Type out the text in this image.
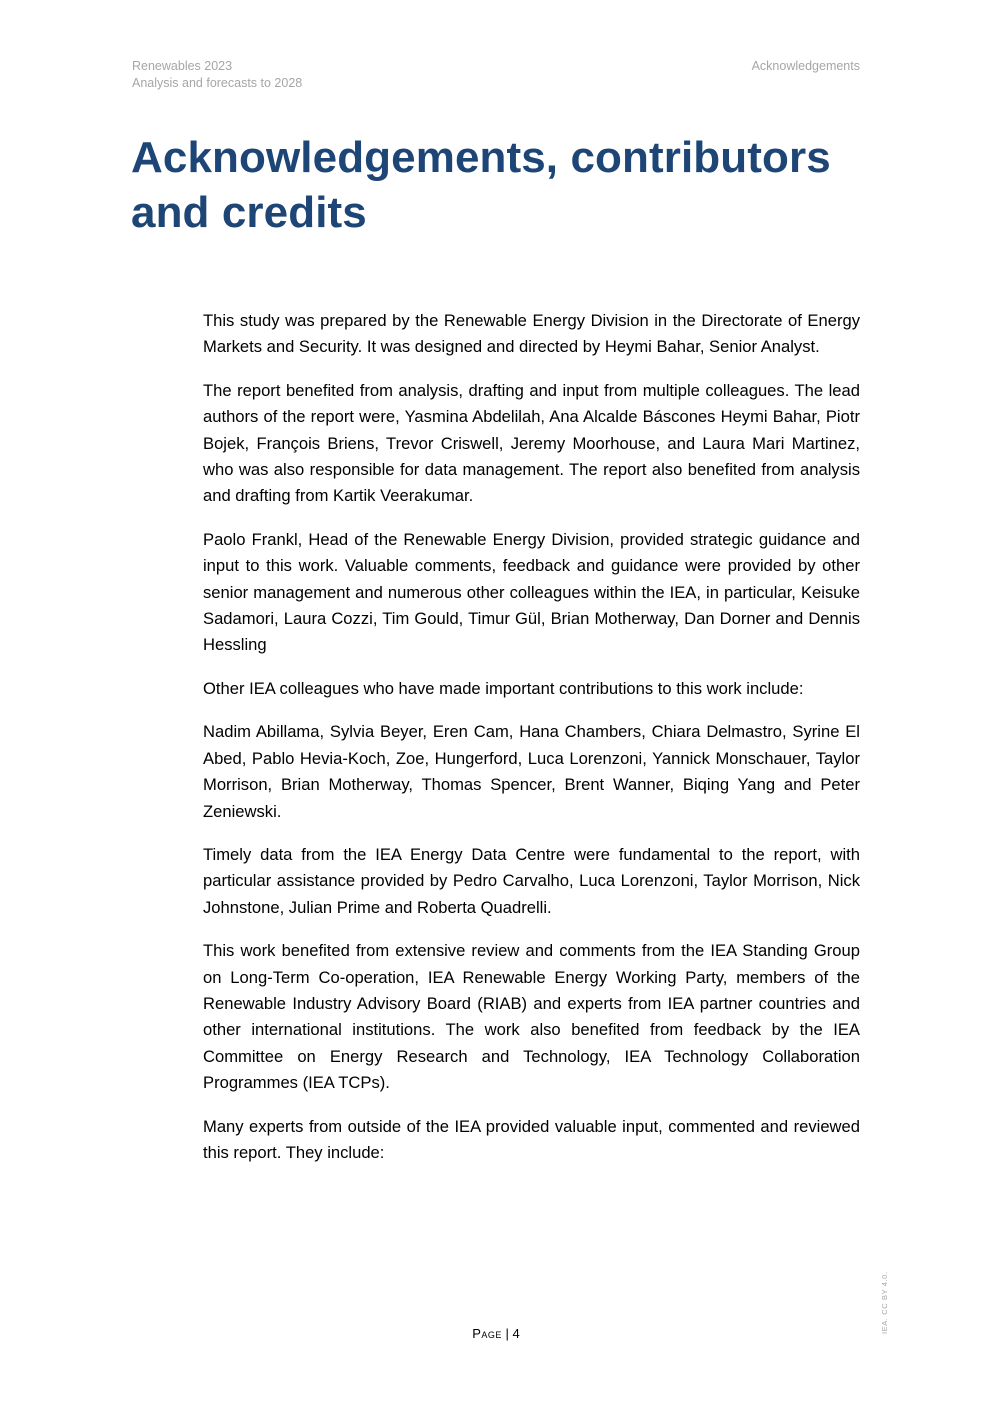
Renewables 2023
Analysis and forecasts to 2028
Acknowledgements
Acknowledgements, contributors and credits

This study was prepared by the Renewable Energy Division in the Directorate of Energy Markets and Security. It was designed and directed by Heymi Bahar, Senior Analyst.

The report benefited from analysis, drafting and input from multiple colleagues. The lead authors of the report were, Yasmina Abdelilah, Ana Alcalde Báscones Heymi Bahar, Piotr Bojek, François Briens, Trevor Criswell, Jeremy Moorhouse, and Laura Mari Martinez, who was also responsible for data management. The report also benefited from analysis and drafting from Kartik Veerakumar.

Paolo Frankl, Head of the Renewable Energy Division, provided strategic guidance and input to this work. Valuable comments, feedback and guidance were provided by other senior management and numerous other colleagues within the IEA, in particular, Keisuke Sadamori, Laura Cozzi, Tim Gould, Timur Gül, Brian Motherway, Dan Dorner and Dennis Hessling

Other IEA colleagues who have made important contributions to this work include:

Nadim Abillama, Sylvia Beyer, Eren Cam, Hana Chambers, Chiara Delmastro, Syrine El Abed, Pablo Hevia-Koch, Zoe, Hungerford, Luca Lorenzoni, Yannick Monschauer, Taylor Morrison, Brian Motherway, Thomas Spencer, Brent Wanner, Biqing Yang and Peter Zeniewski.

Timely data from the IEA Energy Data Centre were fundamental to the report, with particular assistance provided by Pedro Carvalho, Luca Lorenzoni, Taylor Morrison, Nick Johnstone, Julian Prime and Roberta Quadrelli.

This work benefited from extensive review and comments from the IEA Standing Group on Long-Term Co-operation, IEA Renewable Energy Working Party, members of the Renewable Industry Advisory Board (RIAB) and experts from IEA partner countries and other international institutions. The work also benefited from feedback by the IEA Committee on Energy Research and Technology, IEA Technology Collaboration Programmes (IEA TCPs).

Many experts from outside of the IEA provided valuable input, commented and reviewed this report. They include:

Page | 4	IEA. CC BY 4.0.
